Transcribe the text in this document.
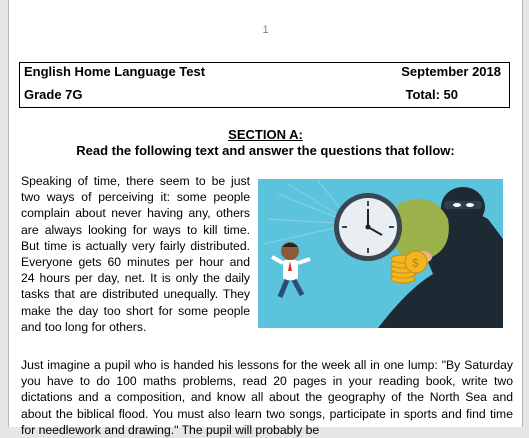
1
English Home Language Test	September 2018
Grade 7G	Total: 50
SECTION A:
Read the following text and answer the questions that follow:
Speaking of time, there seem to be just two ways of perceiving it: some people complain about never having any, others are always looking for ways to kill time. But time is actually very fairly distributed. Everyone gets 60 minutes per hour and 24 hours per day, net. It is only the daily tasks that are distributed unequally. They make the day too short for some people and too long for others.
$
Just imagine a pupil who is handed his lessons for the week all in one lump: "By Saturday you have to do 100 maths problems, read 20 pages in your reading book, write two dictations and a composition, and know all about the geography of the North Sea and about the biblical flood. You must also learn two songs, participate in sports and find time for needlework and drawing." The pupil will probably be
